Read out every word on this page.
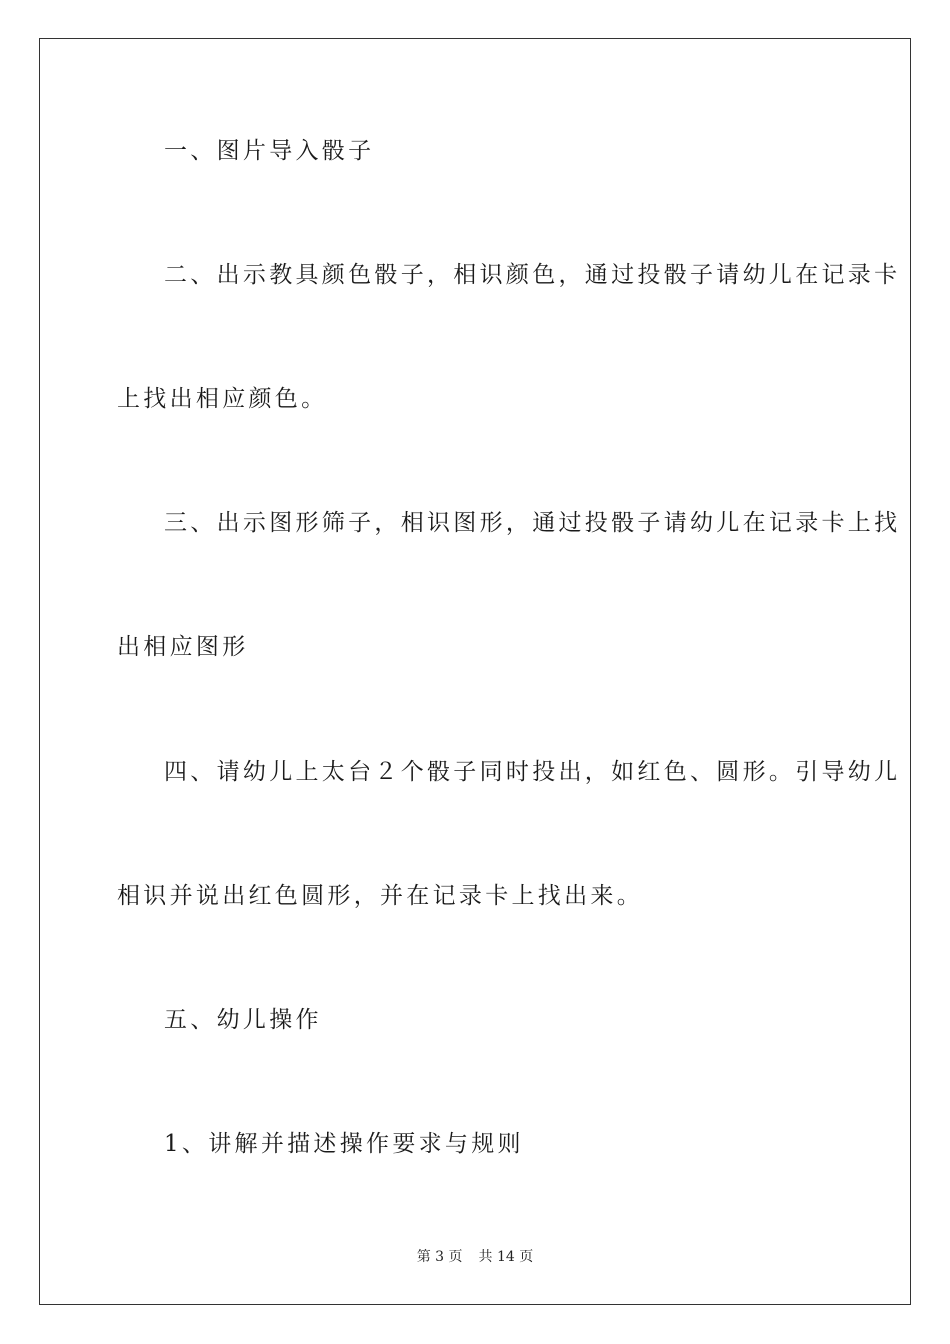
一、图片导入骰子
二、出示教具颜色骰子，相识颜色，通过投骰子请幼儿在记录卡
上找出相应颜色。
三、出示图形筛子，相识图形，通过投骰子请幼儿在记录卡上找
出相应图形
四、请幼儿上太台２个骰子同时投出，如红色、圆形。引导幼儿
相识并说出红色圆形，并在记录卡上找出来。
五、幼儿操作
1、讲解并描述操作要求与规则
第 3 页 共 14 页
